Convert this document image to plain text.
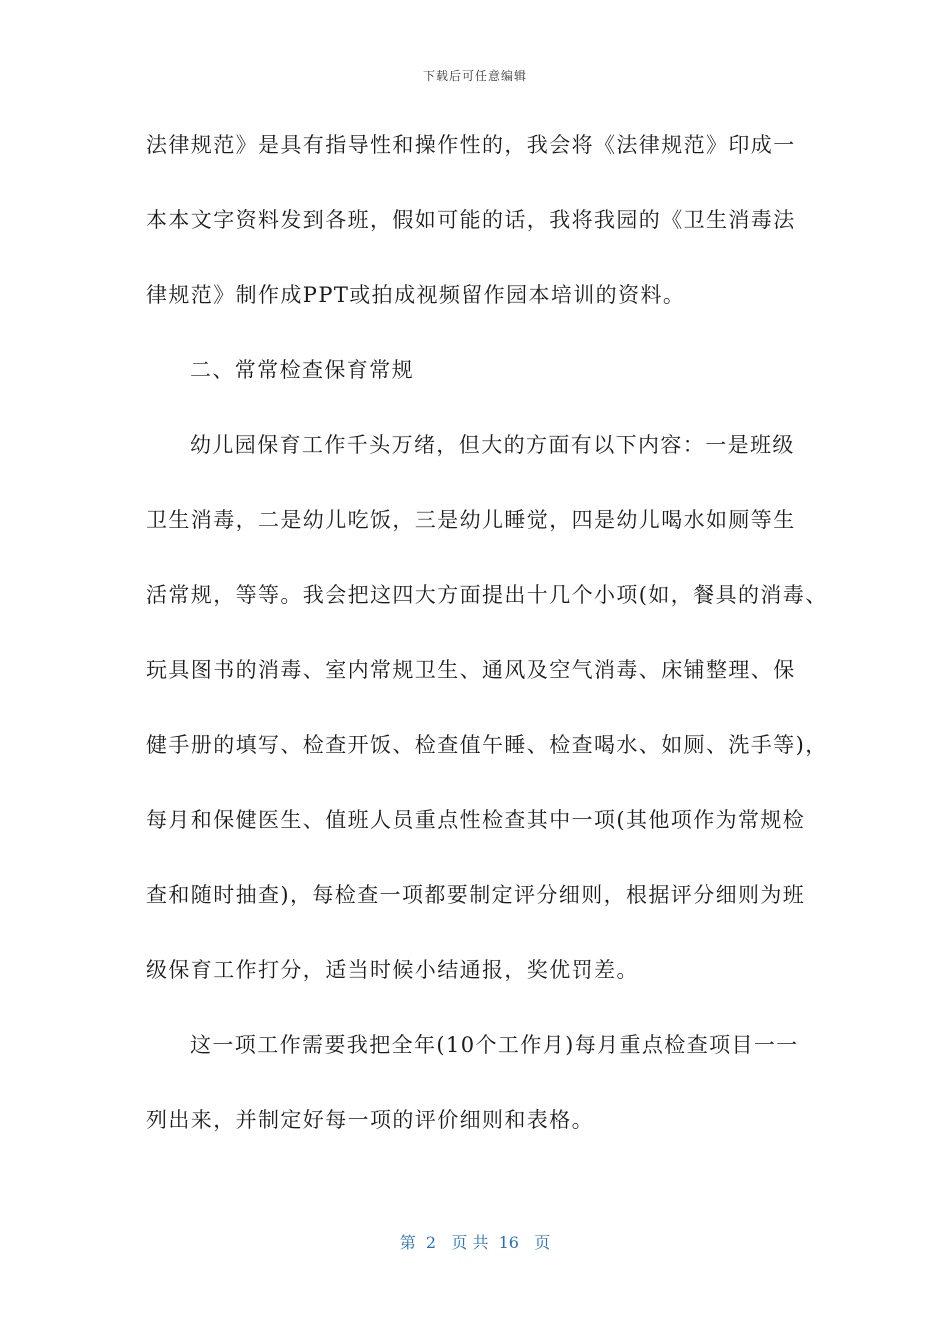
下载后可任意编辑
法律规范》是具有指导性和操作性的，我会将《法律规范》印成一
本本文字资料发到各班，假如可能的话，我将我园的《卫生消毒法
律规范》制作成PPT或拍成视频留作园本培训的资料。
二、常常检查保育常规
幼儿园保育工作千头万绪，但大的方面有以下内容：一是班级
卫生消毒，二是幼儿吃饭，三是幼儿睡觉，四是幼儿喝水如厕等生
活常规，等等。我会把这四大方面提出十几个小项(如，餐具的消毒、
玩具图书的消毒、室内常规卫生、通风及空气消毒、床铺整理、保
健手册的填写、检查开饭、检查值午睡、检查喝水、如厕、洗手等)，
每月和保健医生、值班人员重点性检查其中一项(其他项作为常规检
查和随时抽查)，每检查一项都要制定评分细则，根据评分细则为班
级保育工作打分，适当时候小结通报，奖优罚差。
这一项工作需要我把全年(10个工作月)每月重点检查项目一一
列出来，并制定好每一项的评价细则和表格。
第  2   页 共  16   页
